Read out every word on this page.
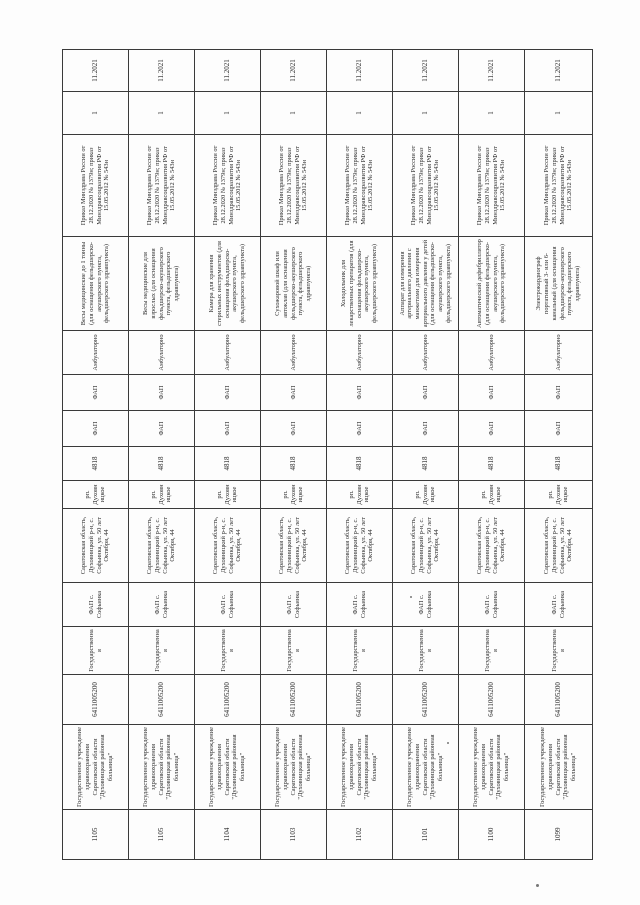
1105	Государственное учреждение здравоохранения Саратовской области "Духовницкая районная больница"	6411005200	Государственная	ФАП с. Софьинка	Саратовская область, Духовницкий р-н, с. Софьинка, ул. 50 лет Октября, 44	рп. Духовницкое	4818	ФАП	ФАП	Амбулаторно	Весы медицинские до 1 тонны (для оснащения фельдшерско-акушерского пункта, фельдшерского здравпункта)	Приказ Минздрава России от 28.12.2020 № 1379н; приказ Минздравсоцразвития РФ от 15.05.2012 № 543н	1	11.2021
1105	Государственное учреждение здравоохранения Саратовской области "Духовницкая районная больница"	6411005200	Государственная	ФАП с. Софьинка	Саратовская область, Духовницкий р-н, с. Софьинка, ул. 50 лет Октября, 44	рп. Духовницкое	4818	ФАП	ФАП	Амбулаторно	Весы медицинские для взрослых (для оснащения фельдшерско-акушерского пункта, фельдшерского здравпункта)	Приказ Минздрава России от 28.12.2020 № 1379н; приказ Минздравсоцразвития РФ от 15.05.2012 № 543н	1	11.2021
1104	Государственное учреждение здравоохранения Саратовской области "Духовницкая районная больница"	6411005200	Государственная	ФАП с. Софьинка	Саратовская область, Духовницкий р-н, с. Софьинка, ул. 50 лет Октября, 44	рп. Духовницкое	4818	ФАП	ФАП	Амбулаторно	Камера для хранения стерильных инструментов (для оснащения фельдшерско-акушерского пункта, фельдшерского здравпункта)	Приказ Минздрава России от 28.12.2020 № 1379н; приказ Минздравсоцразвития РФ от 15.05.2012 № 543н	1	11.2021
1103	Государственное учреждение здравоохранения Саратовской области "Духовницкая районная больница"	6411005200	Государственная	ФАП с. Софьинка	Саратовская область, Духовницкий р-н, с. Софьинка, ул. 50 лет Октября, 44	рп. Духовницкое	4818	ФАП	ФАП	Амбулаторно	Сухожаровой шкаф или автоклав (для оснащения фельдшерско-акушерского пункта, фельдшерского здравпункта)	Приказ Минздрава России от 28.12.2020 № 1379н; приказ Минздравсоцразвития РФ от 15.05.2012 № 543н	1	11.2021
1102	Государственное учреждение здравоохранения Саратовской области "Духовницкая районная больница"	6411005200	Государственная	ФАП с. Софьинка	Саратовская область, Духовницкий р-н, с. Софьинка, ул. 50 лет Октября, 44	рп. Духовницкое	4818	ФАП	ФАП	Амбулаторно	Холодильник для лекарственных препаратов (для оснащения фельдшерско-акушерского пункта, фельдшерского здравпункта)	Приказ Минздрава России от 28.12.2020 № 1379н; приказ Минздравсоцразвития РФ от 15.05.2012 № 543н	1	11.2021
1101	Государственное учреждение здравоохранения Саратовской области "Духовницкая районная больница"	6411005200	Государственная	ФАП с. Софьинка	Саратовская область, Духовницкий р-н, с. Софьинка, ул. 50 лет Октября, 44	рп. Духовницкое	4818	ФАП	ФАП	Амбулаторно	Аппарат для измерения артериального давления с манжетами для измерения артериального давления у детей (для оснащения фельдшерско-акушерского пункта, фельдшерского здравпункта)	Приказ Минздрава России от 28.12.2020 № 1379н; приказ Минздравсоцразвития РФ от 15.05.2012 № 543н	1	11.2021
1100	Государственное учреждение здравоохранения Саратовской области "Духовницкая районная больница"	6411005200	Государственная	ФАП с. Софьинка	Саратовская область, Духовницкий р-н, с. Софьинка, ул. 50 лет Октября, 44	рп. Духовницкое	4818	ФАП	ФАП	Амбулаторно	Автоматический дефибриллятор (для оснащения фельдшерско-акушерского пункта, фельдшерского здравпункта)	Приказ Минздрава России от 28.12.2020 № 1379н; приказ Минздравсоцразвития РФ от 15.05.2012 № 543н	1	11.2021
1099	Государственное учреждение здравоохранения Саратовской области "Духовницкая районная больница"	6411005200	Государственная	ФАП с. Софьинка	Саратовская область, Духовницкий р-н, с. Софьинка, ул. 50 лет Октября, 44	рп. Духовницкое	4818	ФАП	ФАП	Амбулаторно	Электрокардиограф портативный 3- или 6-канальный (для оснащения фельдшерско-акушерского пункта, фельдшерского здравпункта)	Приказ Минздрава России от 28.12.2020 № 1379н; приказ Минздравсоцразвития РФ от 15.05.2012 № 543н	1	11.2021
